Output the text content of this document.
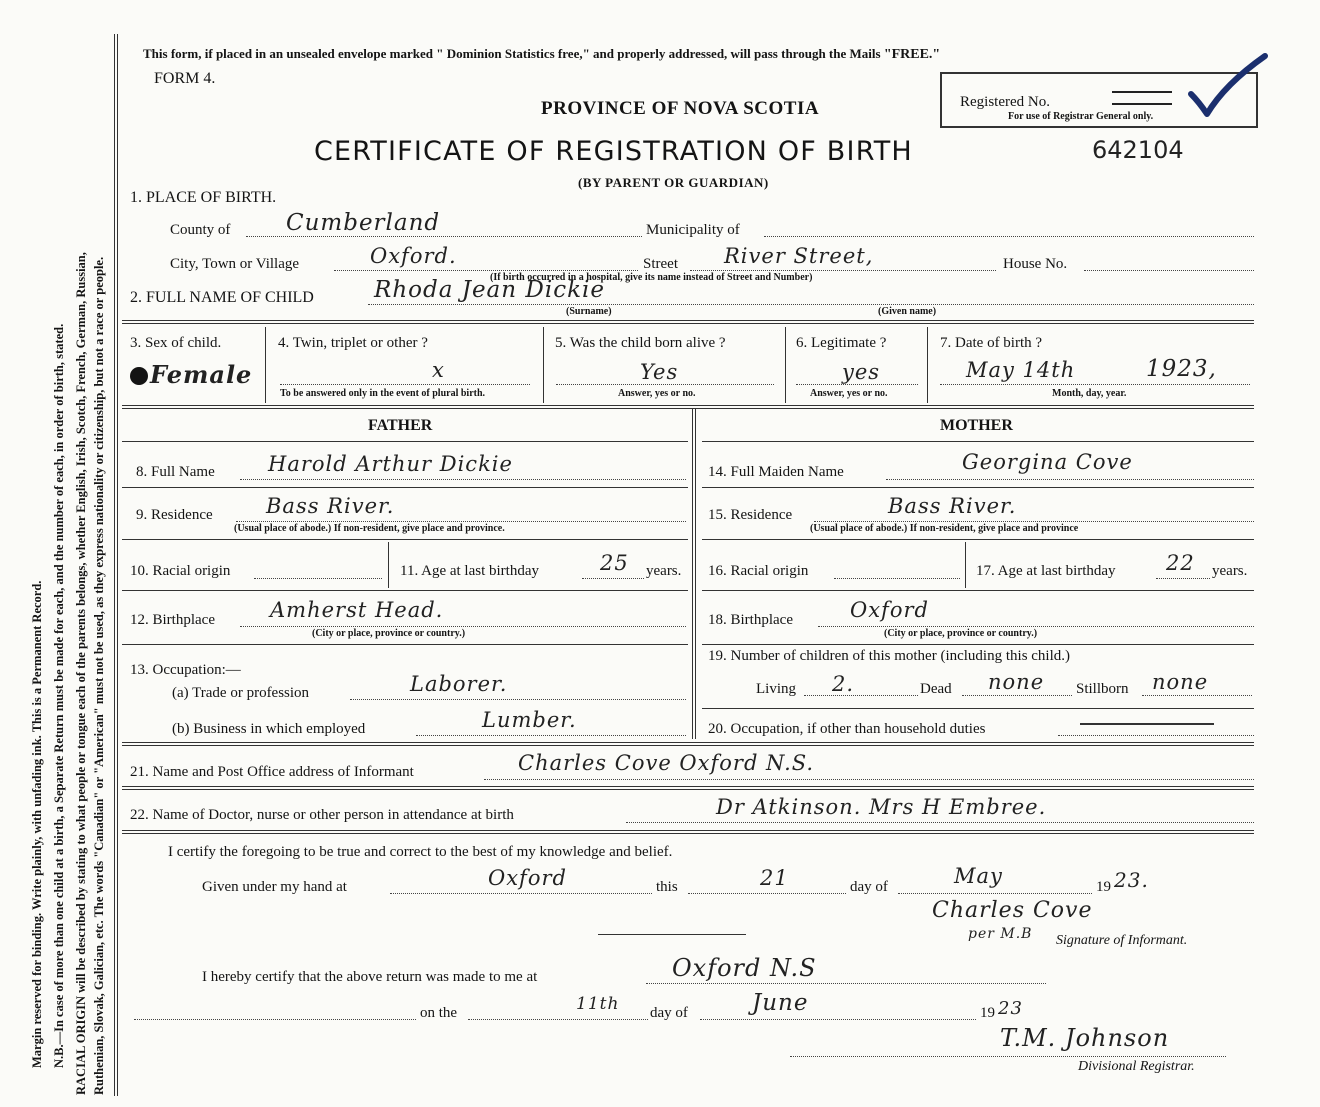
Margin reserved for binding. Write plainly, with unfading ink. This is a Permanent Record. N.B.—In case of more than one child at a birth, a Separate Return must be made for each, and the number of each, in order of birth, stated. RACIAL ORIGIN will be described by stating to what people or tongue each of the parents belongs, whether English, Irish, Scotch, French, German, Russian, Ruthenian, Slovak, Galician, etc. The words "Canadian" or "American" must not be used, as they express nationality or citizenship, but not a race or people.
This form, if placed in an unsealed envelope marked " Dominion Statistics free," and properly addressed, will pass through the Mails "FREE."
FORM 4.
PROVINCE OF NOVA SCOTIA
CERTIFICATE OF REGISTRATION OF BIRTH
(BY PARENT OR GUARDIAN)
642104
Registered No.
For use of Registrar General only.
1. PLACE OF BIRTH.
County of Cumberland	Municipality of
City, Town or Village	Oxford.	Street River Street,	House No.
(If birth occurred in a hospital, give its name instead of Street and Number)
2. FULL NAME OF CHILD	Rhoda Jean Dickie
(Surname)	(Given name)
3. Sex of child.
Female
4. Twin, triplet or other ?
x
To be answered only in the event of plural birth.
5. Was the child born alive ?
Yes
Answer, yes or no.
6. Legitimate ?
yes
Answer, yes or no.
7. Date of birth ?
May 14th	1923,
Month, day, year.
FATHER	MOTHER
8. Full Name	Harold Arthur Dickie	14. Full Maiden Name	Georgina Cove
9. Residence	Bass River.
(Usual place of abode.) If non-resident, give place and province.
15. Residence	Bass River.
(Usual place of abode.) If non-resident, give place and province
10. Racial origin	11. Age at last birthday	25 years. 16. Racial origin	17. Age at last birthday 22 years.
12. Birthplace	Amherst Head.
(City or place, province or country.)
18. Birthplace	Oxford
(City or place, province or country.)
13. Occupation:—
(a) Trade or profession	Laborer.
(b) Business in which employed	Lumber.
19. Number of children of this mother (including this child.)
Living 2.	Dead none Stillborn none
20. Occupation, if other than household duties
21. Name and Post Office address of Informant	Charles Cove Oxford N.S.
22. Name of Doctor, nurse or other person in attendance at birth	Dr Atkinson. Mrs H Embree.
I certify the foregoing to be true and correct to the best of my knowledge and belief.
Given under my hand at	Oxford	this	21	day of	May	19 23.
Charles Cove
per M.B Signature of Informant.
I hereby certify that the above return was made to me at	Oxford N.S
on the	11th day of	June	19 23
T.M. Johnson
Divisional Registrar.
